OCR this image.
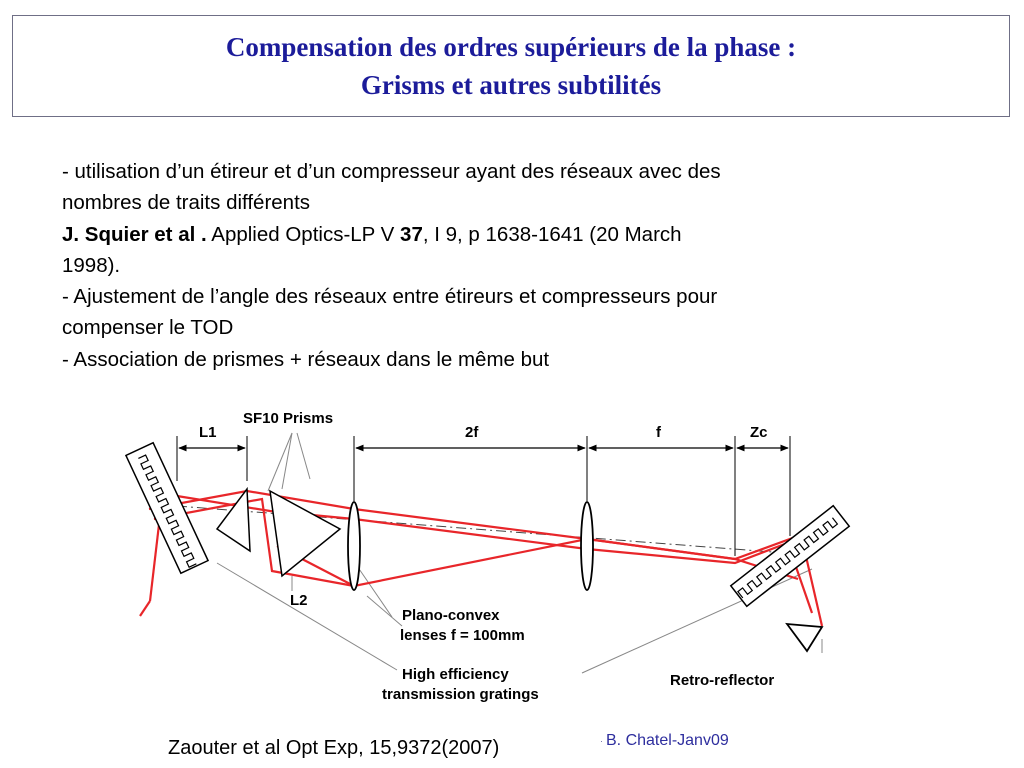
Compensation des ordres supérieurs de la phase :
Grisms et autres subtilités
- utilisation d’un étireur et d’un compresseur ayant des réseaux avec des
nombres de traits différents
J. Squier et al . Applied Optics-LP V 37, I 9, p 1638-1641 (20 March
1998).
- Ajustement de l’angle des réseaux entre étireurs et compresseurs pour
compenser le TOD
- Association de prismes + réseaux dans le même but
L1
SF10 Prisms
2f	f	Zc
L2
Plano-convex
lenses f = 100mm
High efficiency
transmission gratings
Retro-reflector
Zaouter et al Opt Exp, 15,9372(2007)	· B. Chatel-Janv09
